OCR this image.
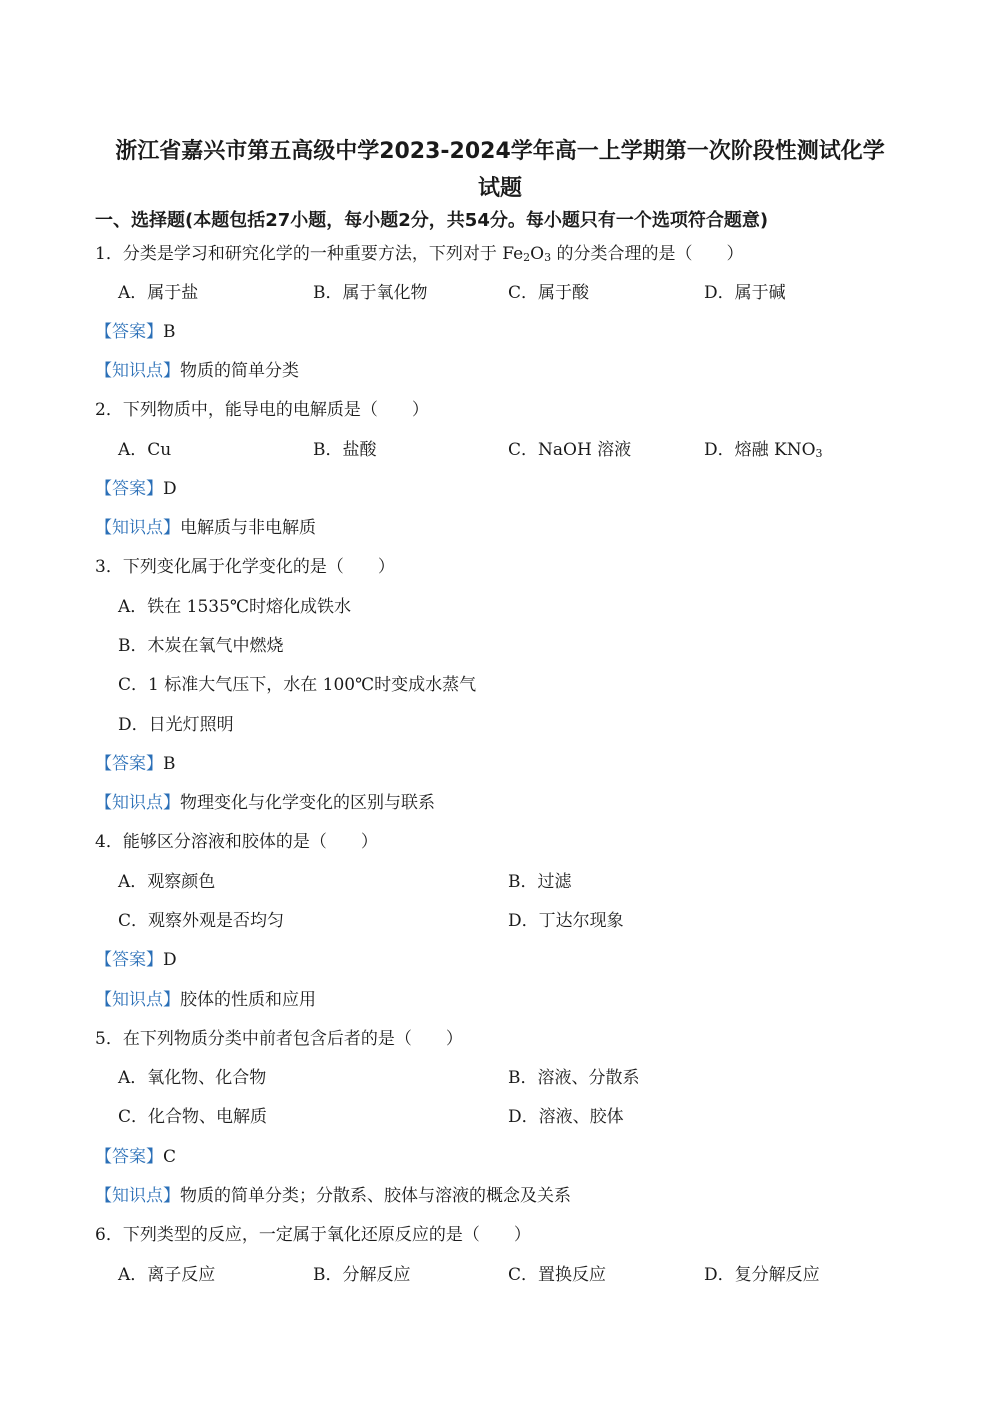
浙江省嘉兴市第五高级中学2023-2024学年高一上学期第一次阶段性测试化学
试题
一、选择题(本题包括27小题，每小题2分，共54分。每小题只有一个选项符合题意)
1．分类是学习和研究化学的一种重要方法，下列对于 $Fe_2O_3$ 的分类合理的是（　　）
A．属于盐	B．属于氧化物	C．属于酸	D．属于碱
【答案】B
【知识点】物质的简单分类
2．下列物质中，能导电的电解质是（　　）
A．Cu	B．盐酸	C．NaOH 溶液	D．熔融 $KNO_3$
【答案】D
【知识点】电解质与非电解质
3．下列变化属于化学变化的是（　　）
A．铁在 1535℃时熔化成铁水
B．木炭在氧气中燃烧
C．1 标准大气压下，水在 100℃时变成水蒸气
D．日光灯照明
【答案】B
【知识点】物理变化与化学变化的区别与联系
4．能够区分溶液和胶体的是（　　）
A．观察颜色	B．过滤
C．观察外观是否均匀	D．丁达尔现象
【答案】D
【知识点】胶体的性质和应用
5．在下列物质分类中前者包含后者的是（　　）
A．氧化物、化合物	B．溶液、分散系
C．化合物、电解质	D．溶液、胶体
【答案】C
【知识点】物质的简单分类；分散系、胶体与溶液的概念及关系
6．下列类型的反应，一定属于氧化还原反应的是（　　）
A．离子反应	B．分解反应	C．置换反应	D．复分解反应
